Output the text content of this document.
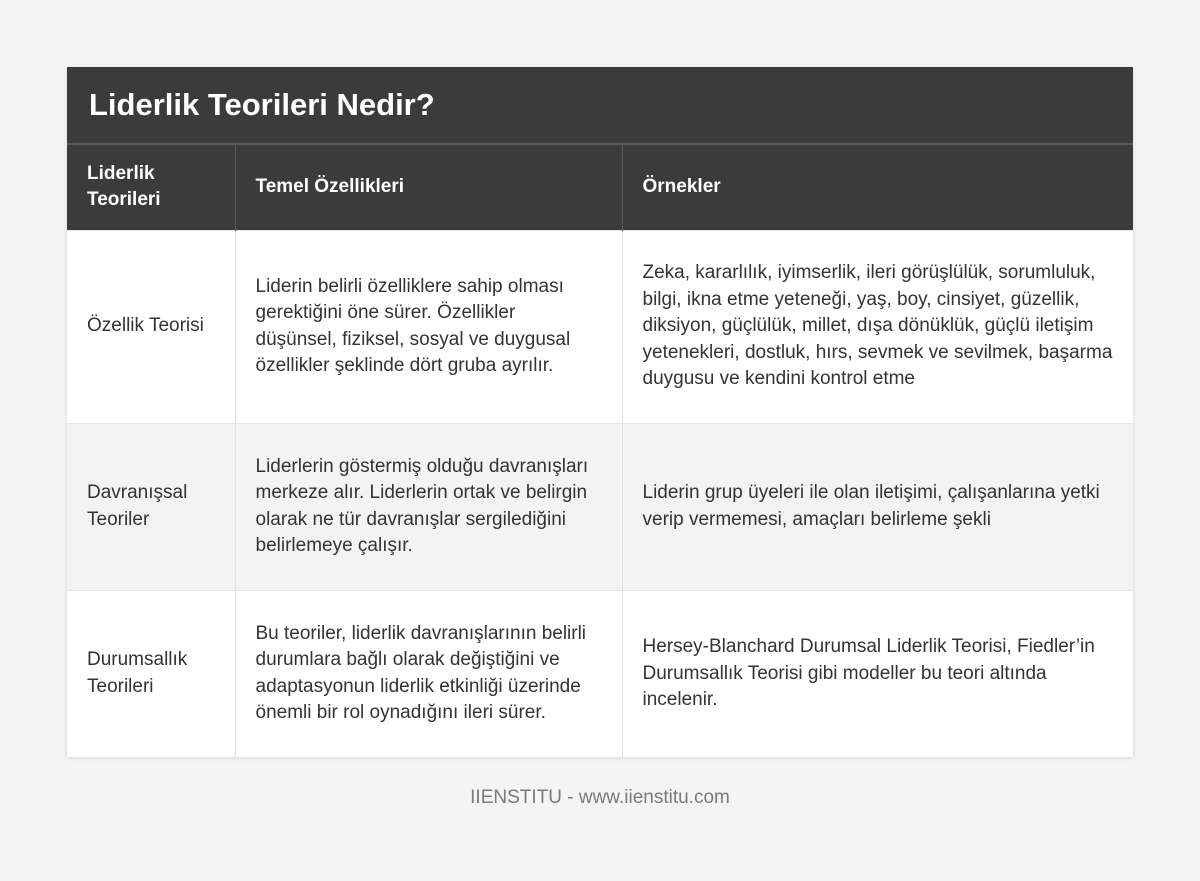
Liderlik Teorileri Nedir?
Liderlik Teorileri	Temel Özellikleri	Örnekler
Özellik Teorisi	Liderin belirli özelliklere sahip olması gerektiğini öne sürer. Özellikler düşünsel, fiziksel, sosyal ve duygusal özellikler şeklinde dört gruba ayrılır.	Zeka, kararlılık, iyimserlik, ileri görüşlülük, sorumluluk, bilgi, ikna etme yeteneği, yaş, boy, cinsiyet, güzellik, diksiyon, güçlülük, millet, dışa dönüklük, güçlü iletişim yetenekleri, dostluk, hırs, sevmek ve sevilmek, başarma duygusu ve kendini kontrol etme
Davranışsal Teoriler	Liderlerin göstermiş olduğu davranışları merkeze alır. Liderlerin ortak ve belirgin olarak ne tür davranışlar sergilediğini belirlemeye çalışır.	Liderin grup üyeleri ile olan iletişimi, çalışanlarına yetki verip vermemesi, amaçları belirleme şekli
Durumsallık Teorileri	Bu teoriler, liderlik davranışlarının belirli durumlara bağlı olarak değiştiğini ve adaptasyonun liderlik etkinliği üzerinde önemli bir rol oynadığını ileri sürer.	Hersey-Blanchard Durumsal Liderlik Teorisi, Fiedler’in Durumsallık Teorisi gibi modeller bu teori altında incelenir.
IIENSTITU - www.iienstitu.com
